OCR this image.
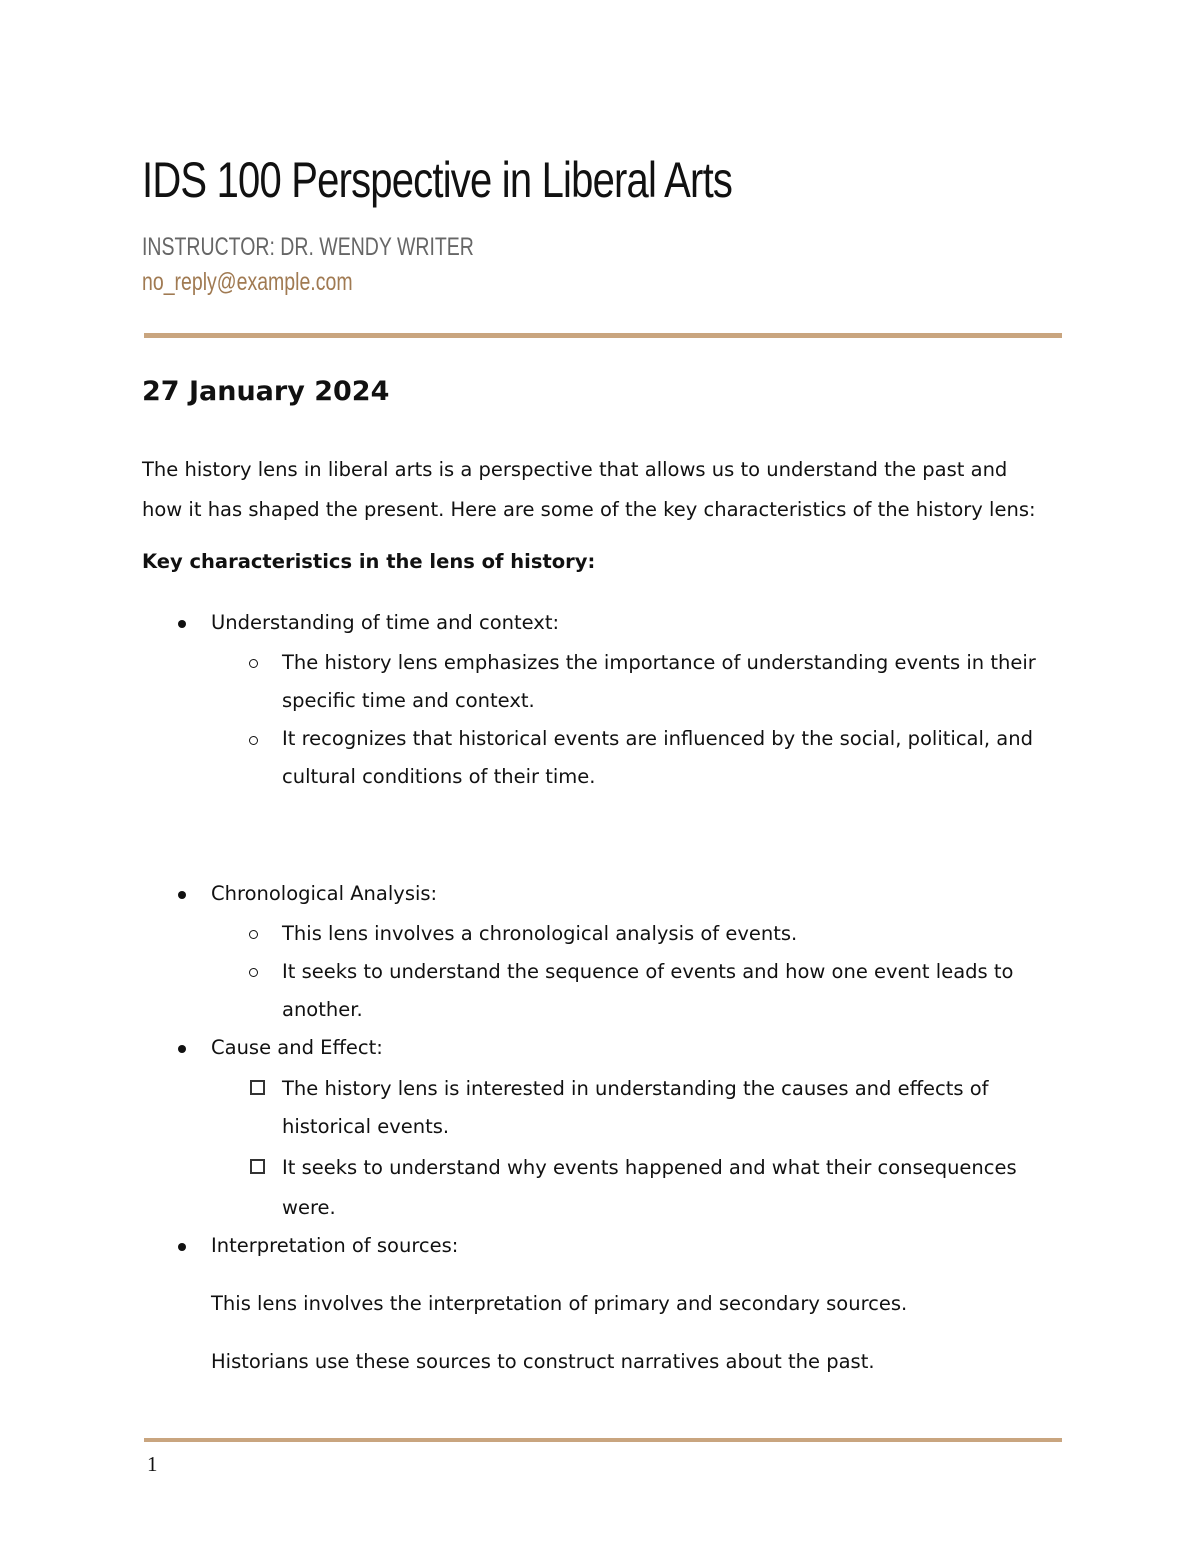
IDS 100 Perspective in Liberal Arts
INSTRUCTOR: DR. WENDY WRITER
no_reply@example.com
27 January 2024

The history lens in liberal arts is a perspective that allows us to understand the past and
how it has shaped the present. Here are some of the key characteristics of the history lens:

Key characteristics in the lens of history:

Understanding of time and context:
The history lens emphasizes the importance of understanding events in their
specific time and context.
It recognizes that historical events are influenced by the social, political, and
cultural conditions of their time.
Chronological Analysis:
This lens involves a chronological analysis of events.
It seeks to understand the sequence of events and how one event leads to
another.
Cause and Effect:
The history lens is interested in understanding the causes and effects of
historical events.
It seeks to understand why events happened and what their consequences
were.
Interpretation of sources:
This lens involves the interpretation of primary and secondary sources.
Historians use these sources to construct narratives about the past.
1
